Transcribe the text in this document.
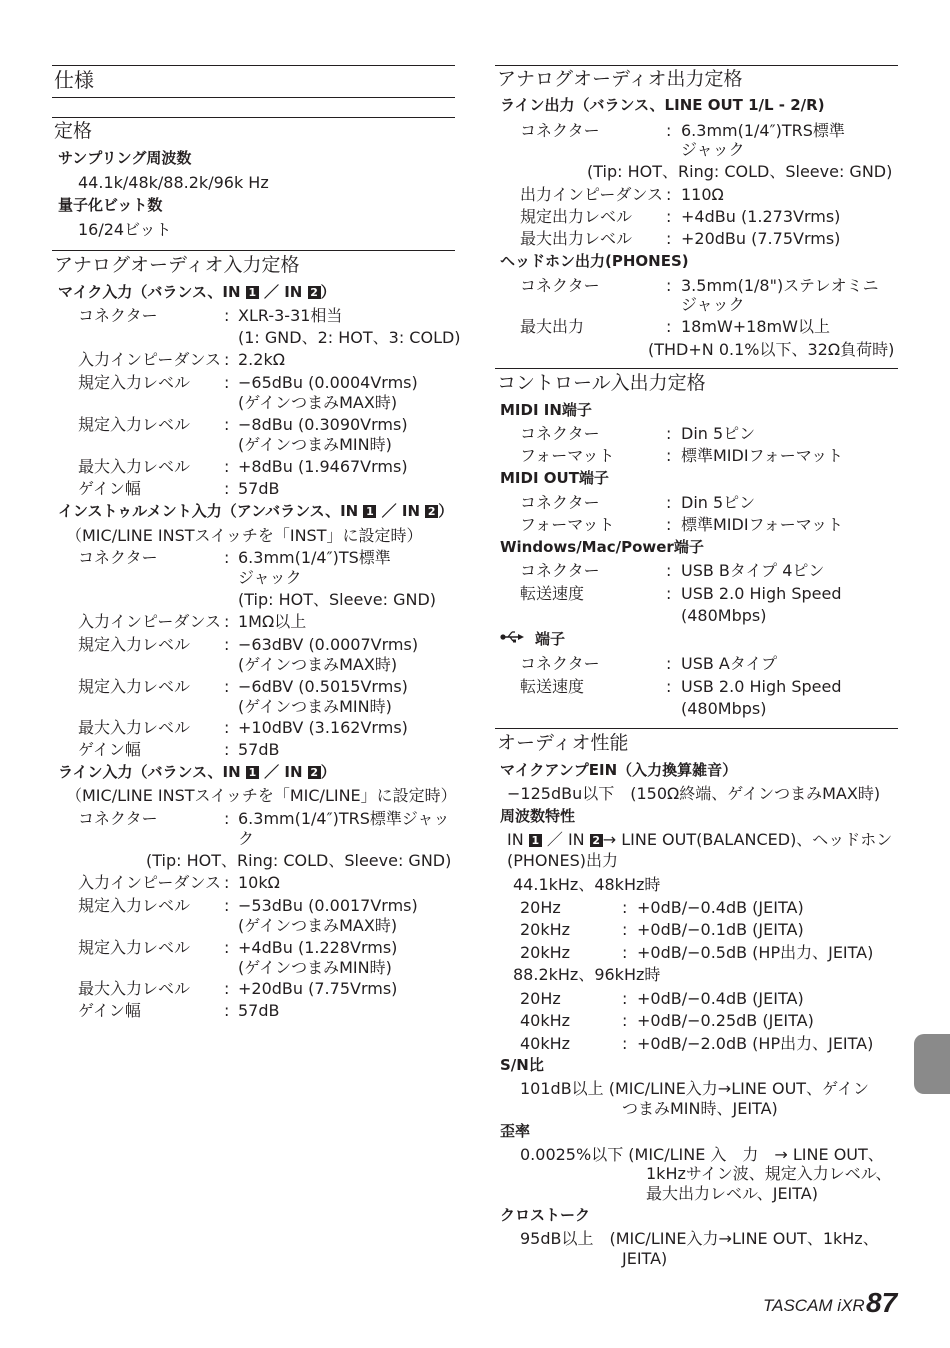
仕様
定格
サンプリング周波数
44.1k/48k/88.2k/96k Hz
量子化ビット数
16/24ビット
アナログオーディオ入力定格
マイク入力（バランス、IN 1 ／ IN 2 ）
コネクター	: XLR-3-31相当
(1: GND、2: HOT、3: COLD)
入力インピーダンス : 2.2kΩ
規定入力レベル : −65dBu (0.0004Vrms)
(ゲインつまみMAX時)
規定入力レベル : −8dBu (0.3090Vrms)
(ゲインつまみMIN時)
最大入力レベル : +8dBu (1.9467Vrms)
ゲイン幅	: 57dB
インストゥルメント入力（アンバランス、IN 1 ／ IN 2 ）
（MIC/LINE INSTスイッチを「INST」に設定時）
コネクター	: 6.3mm(1/4″)TS標準
ジャック
(Tip: HOT、Sleeve: GND)
入力インピーダンス : 1MΩ以上
規定入力レベル : −63dBV (0.0007Vrms)
(ゲインつまみMAX時)
規定入力レベル : −6dBV (0.5015Vrms)
(ゲインつまみMIN時)
最大入力レベル : +10dBV (3.162Vrms)
ゲイン幅	: 57dB
ライン入力（バランス、IN 1 ／ IN 2 ）
（MIC/LINE INSTスイッチを「MIC/LINE」に設定時）
コネクター	: 6.3mm(1/4″)TRS標準ジャッ
ク
(Tip: HOT、Ring: COLD、Sleeve: GND)
入力インピーダンス : 10kΩ
規定入力レベル : −53dBu (0.0017Vrms)
(ゲインつまみMAX時)
規定入力レベル : +4dBu (1.228Vrms)
(ゲインつまみMIN時)
最大入力レベル : +20dBu (7.75Vrms)
ゲイン幅	: 57dB
アナログオーディオ出力定格
ライン出力（バランス、LINE OUT 1/L - 2/R)
コネクター	: 6.3mm(1/4″)TRS標準
ジャック
(Tip: HOT、Ring: COLD、Sleeve: GND)
出力インピーダンス : 110Ω
規定出力レベル : +4dBu (1.273Vrms)
最大出力レベル : +20dBu (7.75Vrms)
ヘッドホン出力(PHONES)
コネクター	: 3.5mm(1/8")ステレオミニ
ジャック
最大出力	: 18mW+18mW以上
(THD+N 0.1%以下、32Ω負荷時)
コントロール入出力定格
MIDI IN端子
コネクター	: Din 5ピン
フォーマット	: 標準MIDIフォーマット
MIDI OUT端子
コネクター	: Din 5ピン
フォーマット	: 標準MIDIフォーマット
Windows/Mac/Power端子
コネクター	: USB Bタイプ 4ピン
転送速度	: USB 2.0 High Speed
(480Mbps)
端子
コネクター	: USB Aタイプ
転送速度	: USB 2.0 High Speed
(480Mbps)
オーディオ性能
マイクアンプEIN（入力換算雑音）
−125dBu以下　(150Ω終端、ゲインつまみMAX時)
周波数特性
IN 1 ／ IN 2 → LINE OUT(BALANCED)、ヘッドホン
(PHONES)出力
44.1kHz、48kHz時
20Hz	: +0dB/−0.4dB (JEITA)
20kHz	: +0dB/−0.1dB (JEITA)
20kHz	: +0dB/−0.5dB (HP出力、JEITA)
88.2kHz、96kHz時
20Hz	: +0dB/−0.4dB (JEITA)
40kHz	: +0dB/−0.25dB (JEITA)
40kHz	: +0dB/−2.0dB (HP出力、JEITA)
S/N比
101dB以上 (MIC/LINE入力→LINE OUT、ゲイン
つまみMIN時、JEITA)
歪率
0.0025%以下 (MIC/LINE 入　力　→ LINE OUT、
1kHzサイン波、規定入力レベル、
最大出力レベル、JEITA)
クロストーク
95dB以上　(MIC/LINE入力→LINE OUT、1kHz、
JEITA)
TASCAM iXR 87
